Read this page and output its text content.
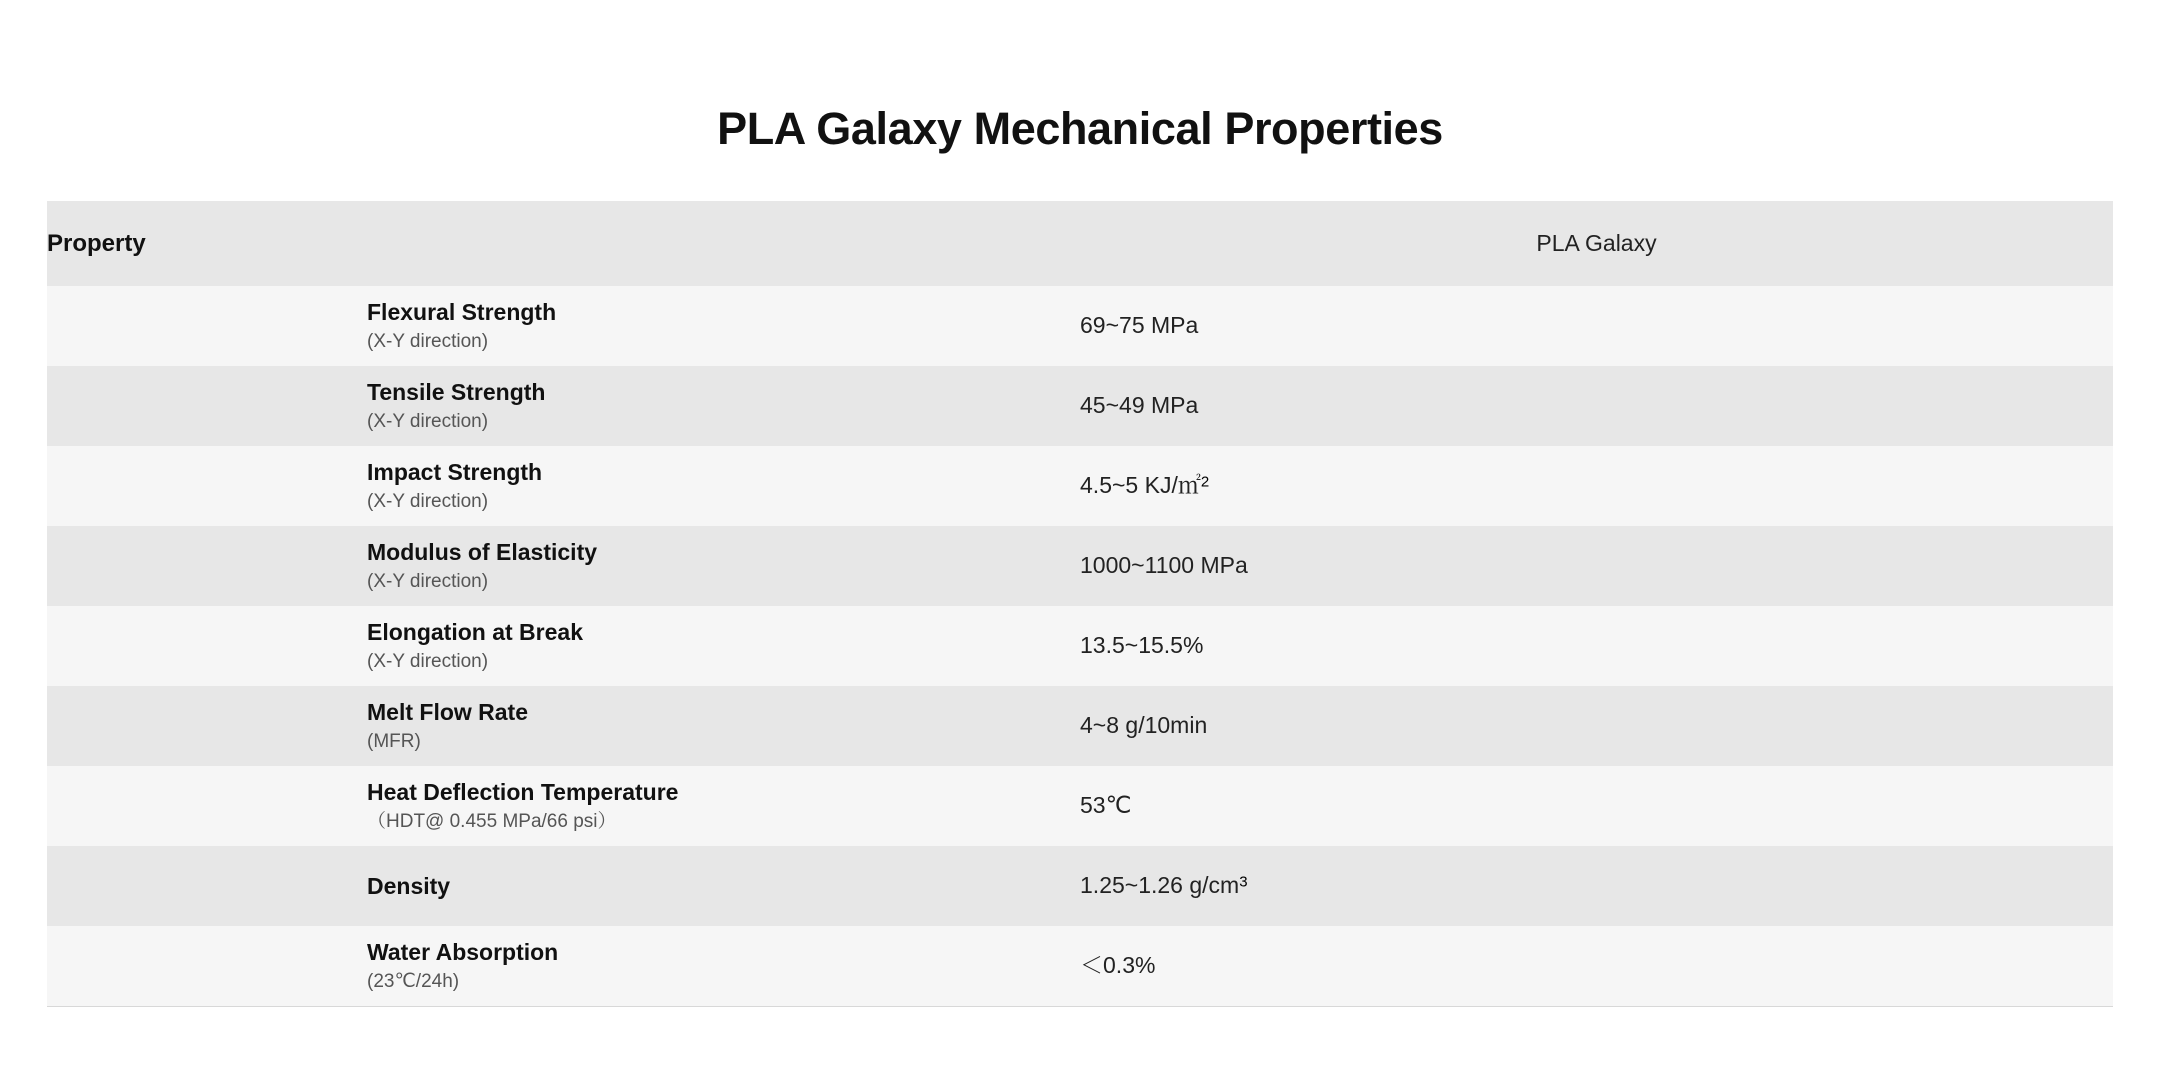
PLA Galaxy Mechanical Properties
Property		PLA Galaxy

	Flexural Strength
(X-Y direction)	69~75 MPa

	Tensile Strength
(X-Y direction)	45~49 MPa

	Impact Strength
(X-Y direction)	4.5~5 KJ/㎡2

	Modulus of Elasticity
(X-Y direction)	1000~1100 MPa

	Elongation at Break
(X-Y direction)	13.5~15.5%

	Melt Flow Rate
(MFR)	4~8 g/10min

	Heat Deflection Temperature
（HDT@ 0.455 MPa/66 psi）	53℃

	Density	1.25~1.26 g/cm3

	Water Absorption
(23℃/24h)	＜0.3%
